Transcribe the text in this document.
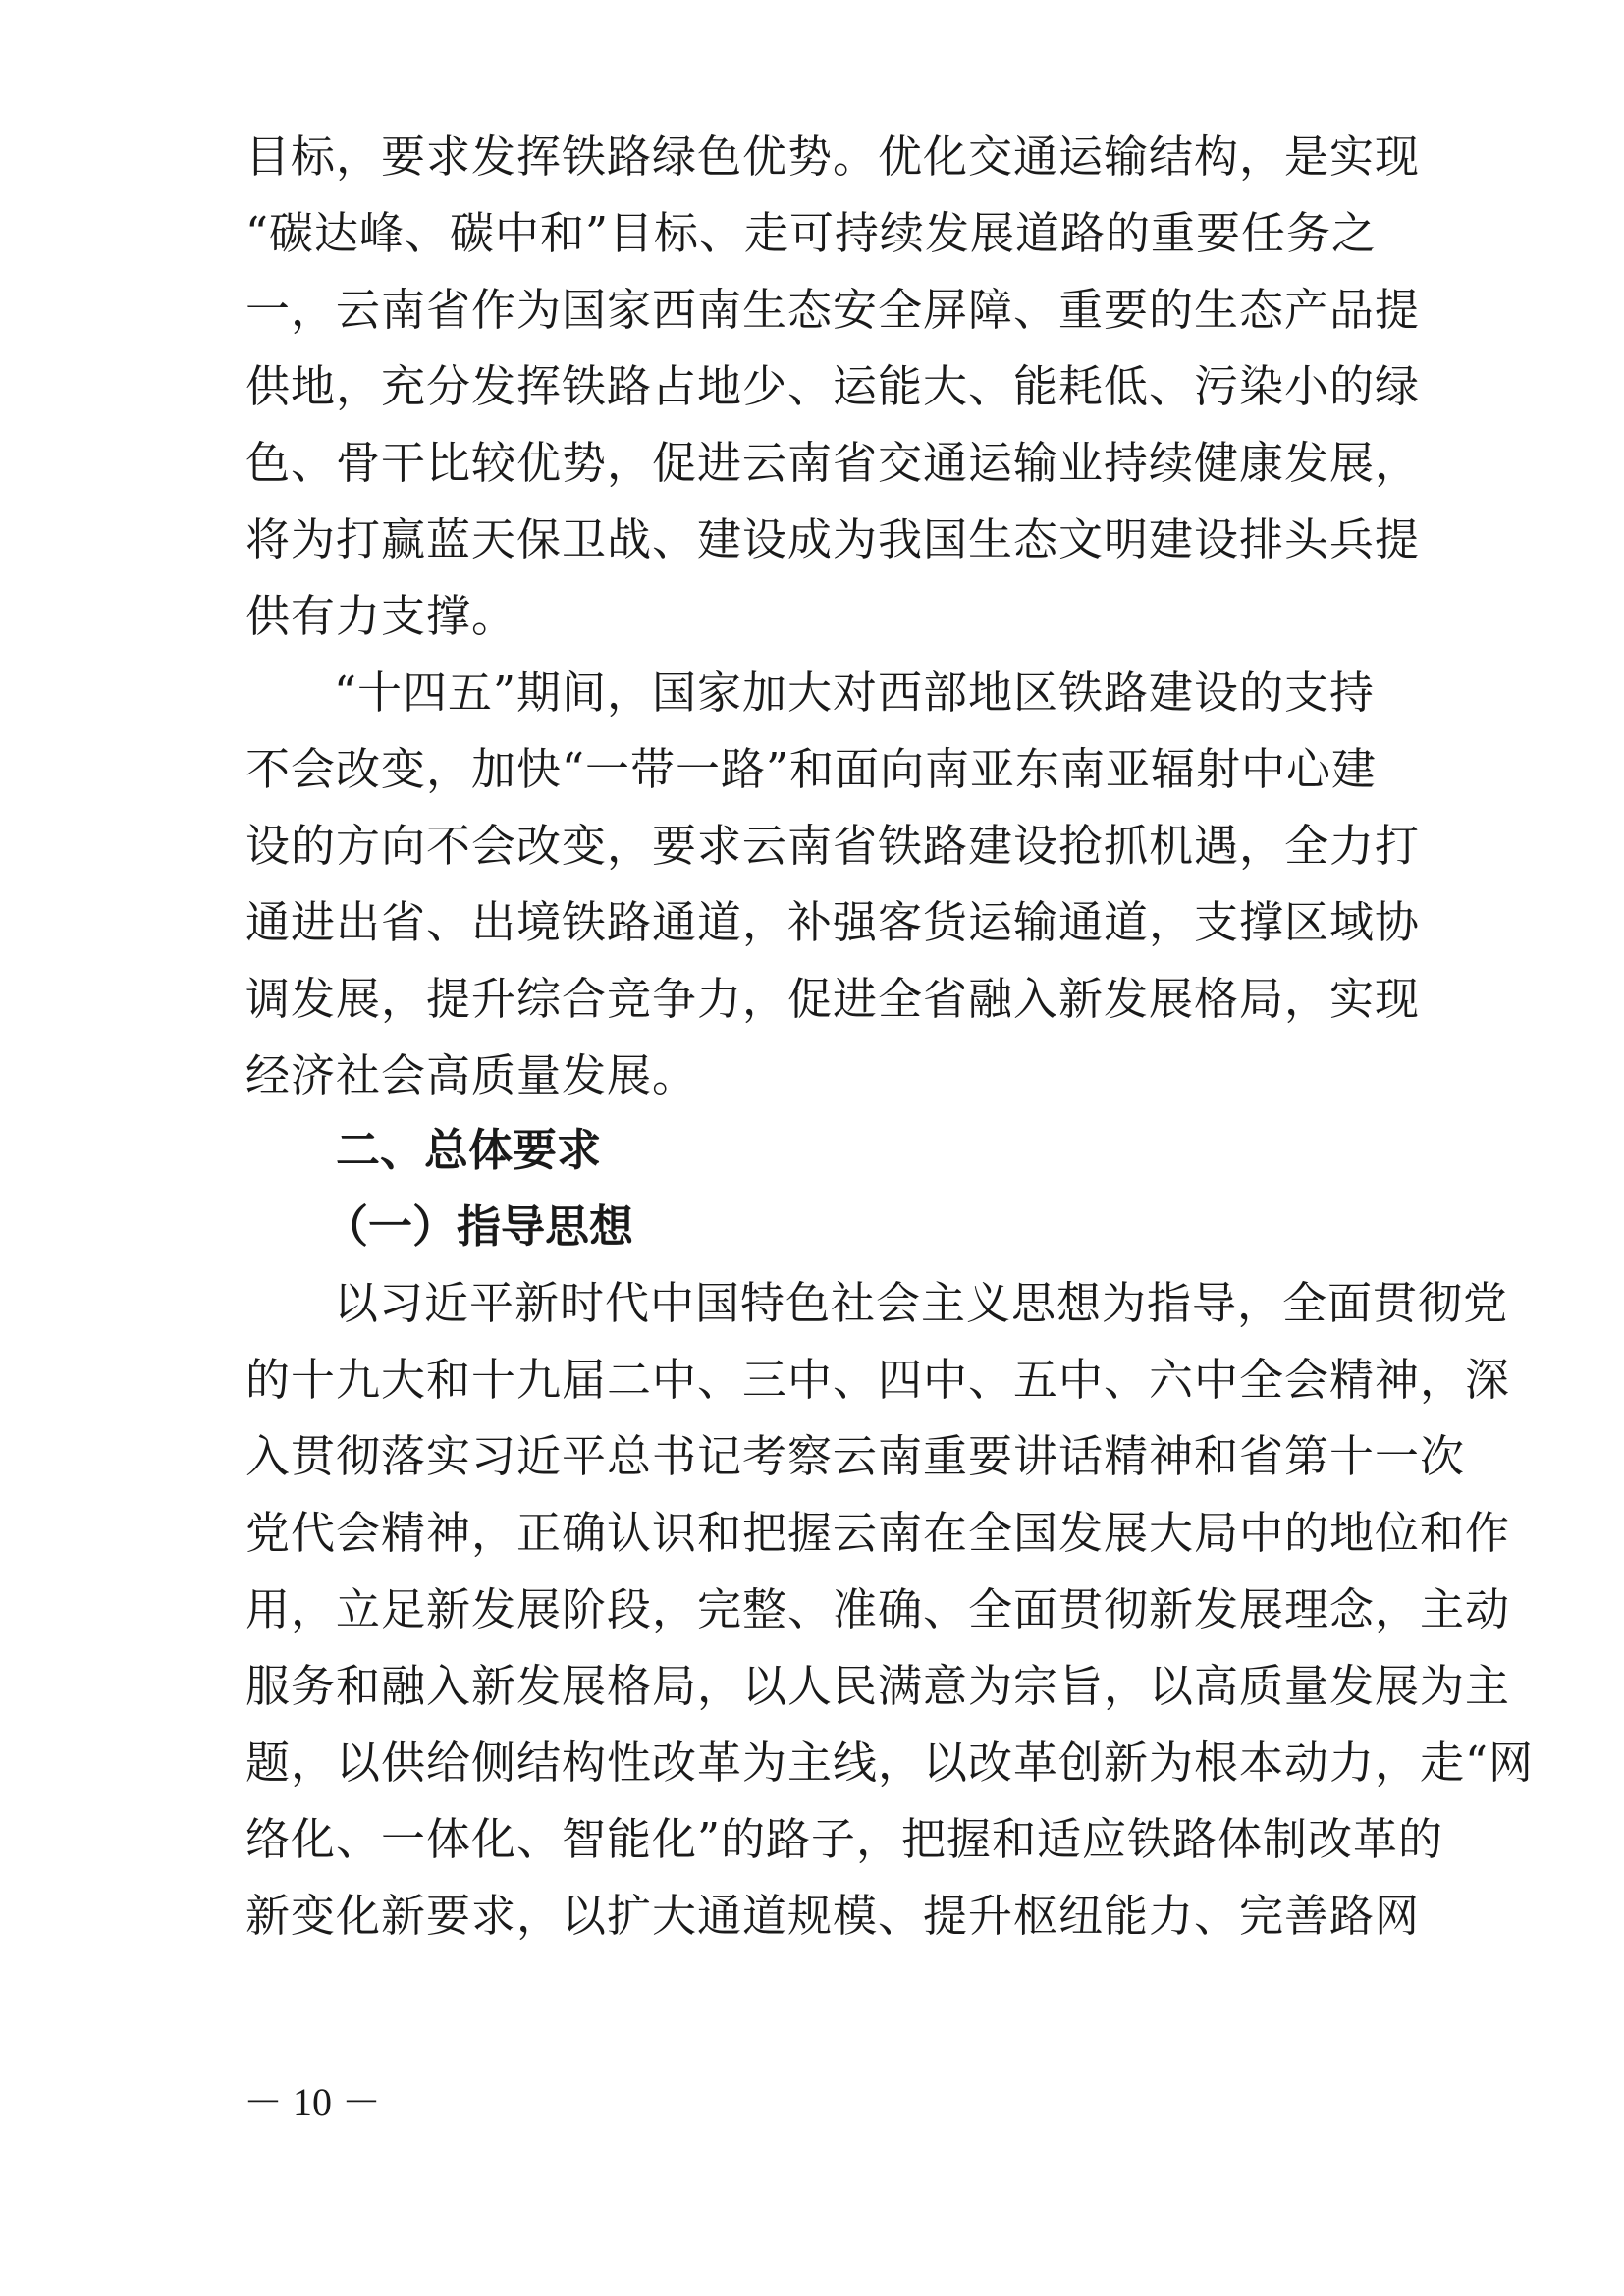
目标，要求发挥铁路绿色优势。优化交通运输结构，是实现
“碳达峰、碳中和”目标、走可持续发展道路的重要任务之
一，云南省作为国家西南生态安全屏障、重要的生态产品提
供地，充分发挥铁路占地少、运能大、能耗低、污染小的绿
色、骨干比较优势，促进云南省交通运输业持续健康发展，
将为打赢蓝天保卫战、建设成为我国生态文明建设排头兵提
供有力支撑。
“十四五”期间，国家加大对西部地区铁路建设的支持
不会改变，加快“一带一路”和面向南亚东南亚辐射中心建
设的方向不会改变，要求云南省铁路建设抢抓机遇，全力打
通进出省、出境铁路通道，补强客货运输通道，支撑区域协
调发展，提升综合竞争力，促进全省融入新发展格局，实现
经济社会高质量发展。
二、总体要求
（一）指导思想
以习近平新时代中国特色社会主义思想为指导，全面贯彻党
的十九大和十九届二中、三中、四中、五中、六中全会精神，深
入贯彻落实习近平总书记考察云南重要讲话精神和省第十一次
党代会精神，正确认识和把握云南在全国发展大局中的地位和作
用，立足新发展阶段，完整、准确、全面贯彻新发展理念，主动
服务和融入新发展格局，以人民满意为宗旨，以高质量发展为主
题，以供给侧结构性改革为主线，以改革创新为根本动力，走“网
络化、一体化、智能化”的路子，把握和适应铁路体制改革的
新变化新要求，以扩大通道规模、提升枢纽能力、完善路网
－ 10 －
